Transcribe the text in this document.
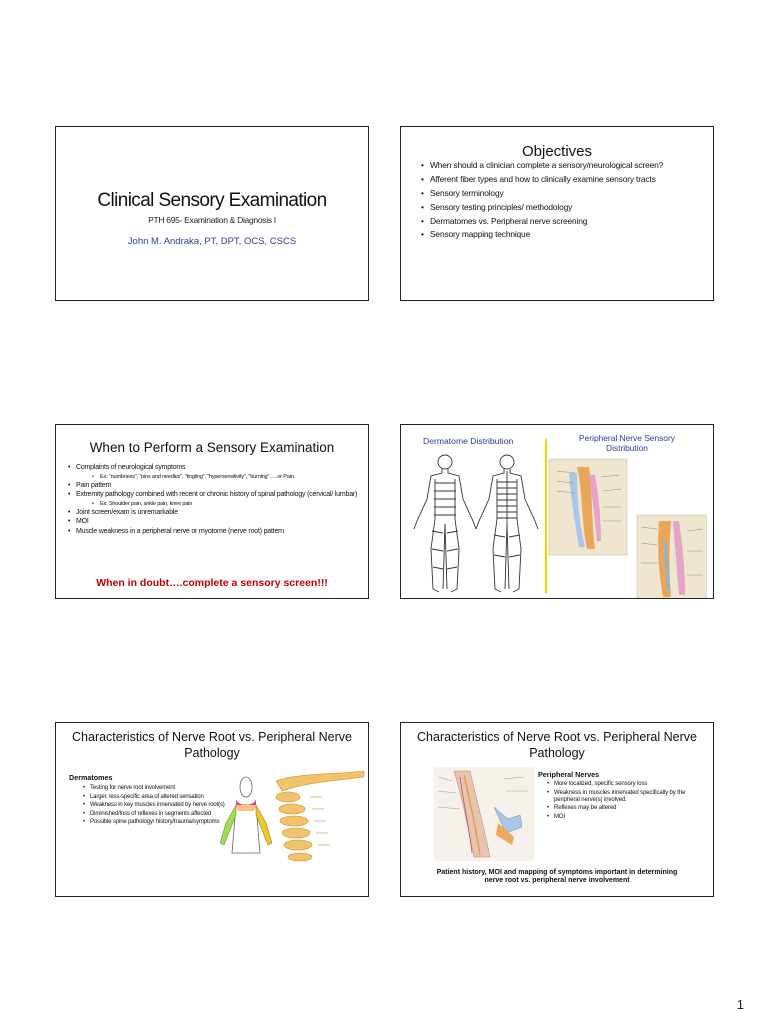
Clinical Sensory Examination
PTH 695- Examination & Diagnosis I
John M. Andraka, PT, DPT, OCS, CSCS
Objectives
• When should a clinician complete a sensory/neurological screen?
• Afferent fiber types and how to clinically examine sensory tracts
• Sensory terminology
• Sensory testing principles/ methodology
• Dermatomes vs. Peripheral nerve screening
• Sensory mapping technique
When to Perform a Sensory Examination
• Complaints of neurological symptoms
• Ex: "numbness", "pins and needles", "tingling", "hypersensitivity", "burning"…..or Pain.
• Pain pattern
• Extremity pathology combined with recent or chronic history of spinal pathology (cervical/ lumbar)
• Ex: Shoulder pain, ankle pain, knee pain
• Joint screen/exam is unremarkable
• MOI
• Muscle weakness in a peripheral nerve or myotome (nerve root) pattern
When in doubt….complete a sensory screen!!!
Dermatome Distribution	Peripheral Nerve Sensory Distribution
Characteristics of Nerve Root vs. Peripheral Nerve Pathology
Dermatomes
• Testing for nerve root involvement
• Larger, less-specific area of altered sensation
• Weakness in key muscles innervated by nerve root(s)
• Diminished/loss of reflexes in segments affected
• Possible spine pathology/ history/trauma/symptoms
Characteristics of Nerve Root vs. Peripheral Nerve Pathology
Peripheral Nerves
• More localized, specific sensory loss
• Weakness in muscles innervated specifically by the peripheral nerve(s) involved.
• Reflexes may be altered
• MOI
Patient history, MOI and mapping of symptoms important in determining nerve root vs. peripheral nerve involvement
1
